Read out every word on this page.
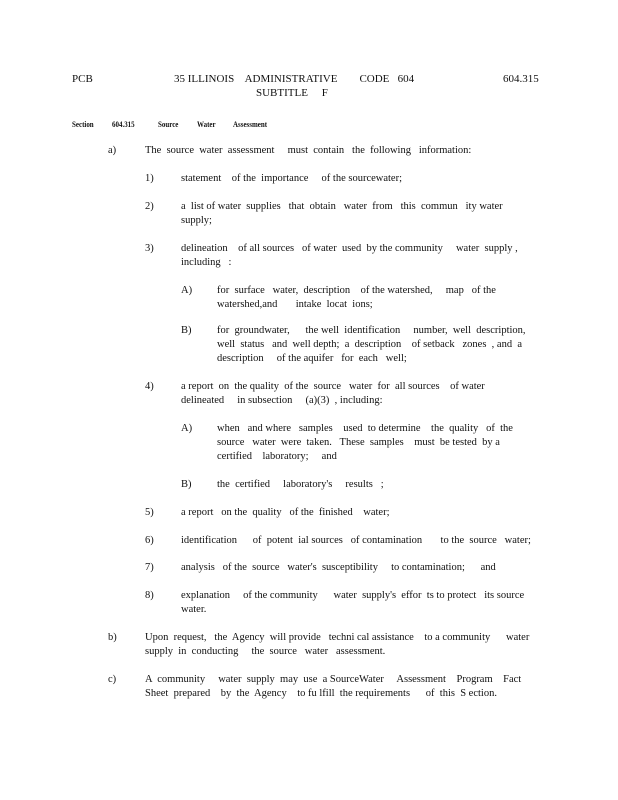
PCB	35 ILLINOIS    ADMINISTRATIVE        CODE   604
SUBTITLE     F
604.315
Section 604.315	Source Water Assessment
a)	The  source  water  assessment     must  contain   the  following   information:
1)	statement    of the  importance     of the sourcewater;
2)	a  list of water  supplies   that  obtain   water  from   this  commun   ity water supply;
3)	delineation    of all sources   of water  used  by the community     water  supply ,  including   :
A) for  surface   water,  description    of the watershed,     map   of the watershed,and       intake  locat  ions;
B) for  groundwater,      the well  identification     number,  well  description, well  status   and  well depth;  a  description    of setback   zones  , and  a description     of the aquifer   for  each   well;
4)	a report  on  the quality  of the  source   water  for  all sources    of water delineated     in subsection     (a)(3)  , including:
A) when   and where   samples    used  to determine    the  quality   of  the source   water  were  taken.   These  samples    must  be tested  by a certified    laboratory;     and
B) the  certified     laboratory's     results   ;
5)	a report   on the  quality   of the  finished    water;
6)	identification      of  potent  ial sources   of contamination       to the  source   water;
7)	analysis   of the  source   water's  susceptibility     to contamination;      and
8)	explanation     of the community      water  supply's  effor  ts to protect   its source water.
b)	Upon  request,   the  Agency  will provide   techni cal assistance    to a community      water supply  in  conducting     the  source   water   assessment.
c)	A  community     water  supply  may  use  a SourceWater     Assessment    Program    Fact Sheet  prepared    by  the  Agency    to fu lfill  the requirements      of  this  S ection.
